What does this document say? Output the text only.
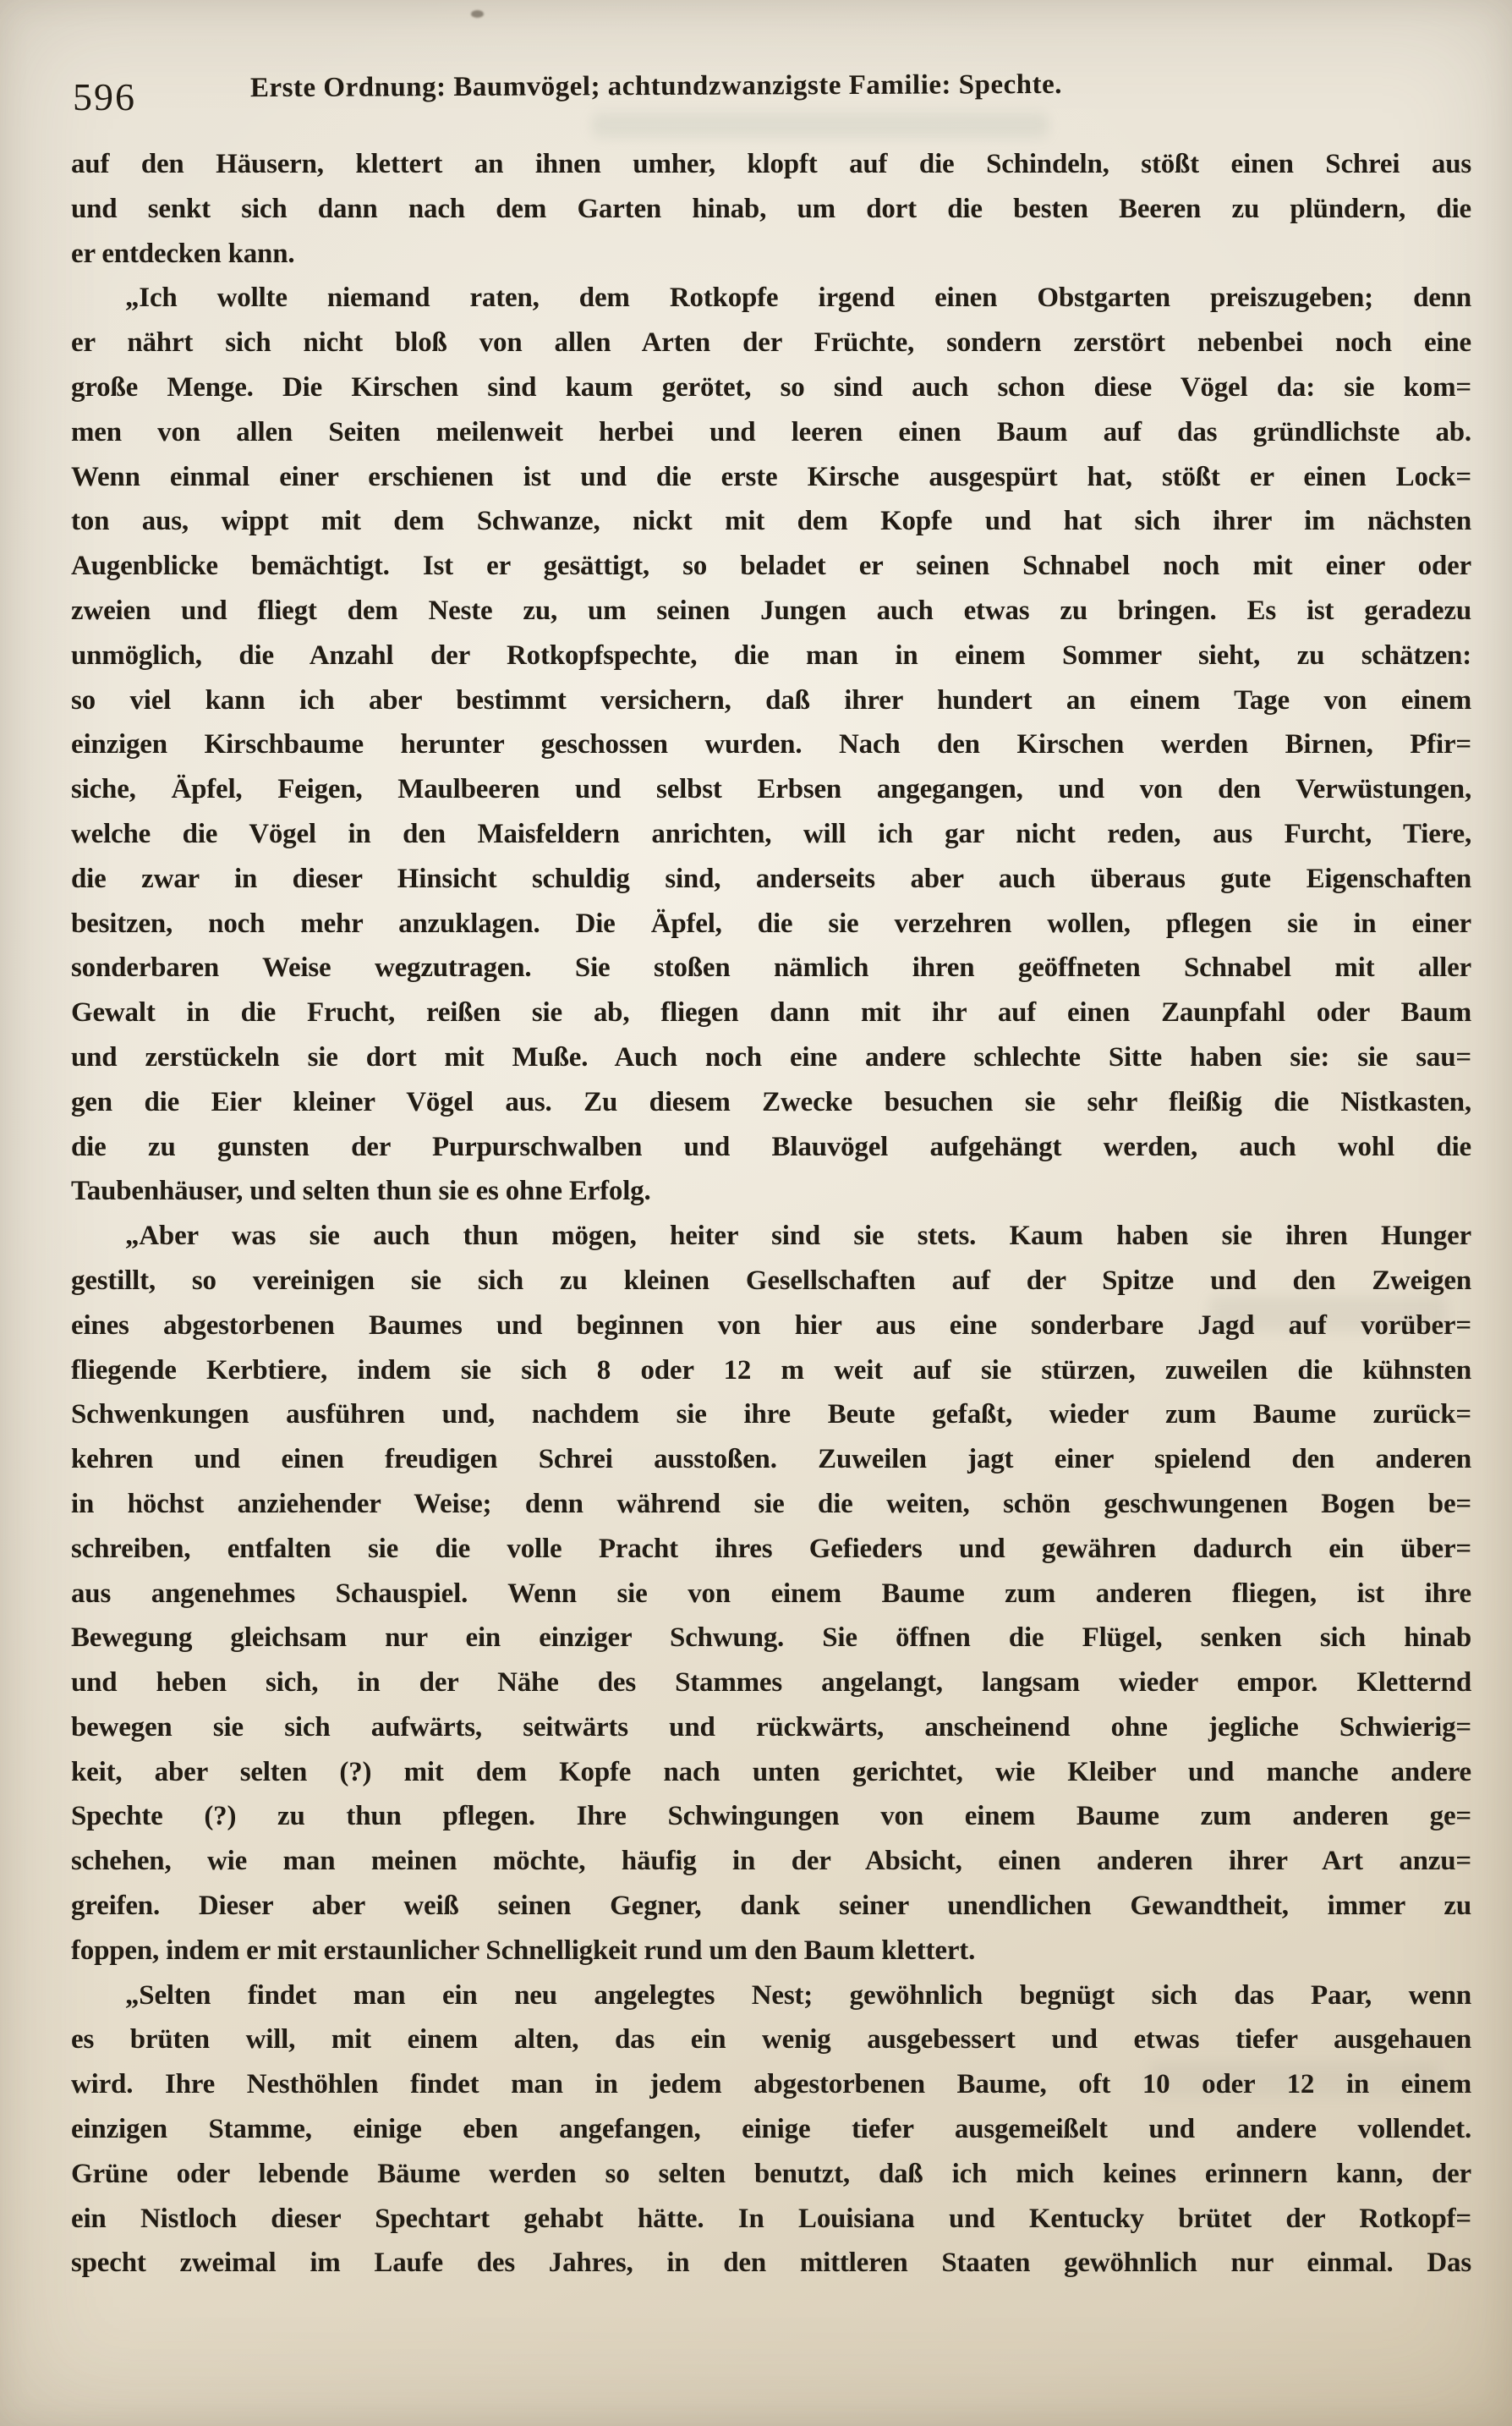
596	Erste Ordnung: Baumvögel; achtundzwanzigste Familie: Spechte.
auf den Häusern, klettert an ihnen umher, klopft auf die Schindeln, stößt einen Schrei aus
und senkt sich dann nach dem Garten hinab, um dort die besten Beeren zu plündern, die
er entdecken kann.
„Ich wollte niemand raten, dem Rotkopfe irgend einen Obstgarten preiszugeben; denn
er nährt sich nicht bloß von allen Arten der Früchte, sondern zerstört nebenbei noch eine
große Menge. Die Kirschen sind kaum gerötet, so sind auch schon diese Vögel da: sie kom=
men von allen Seiten meilenweit herbei und leeren einen Baum auf das gründlichste ab.
Wenn einmal einer erschienen ist und die erste Kirsche ausgespürt hat, stößt er einen Lock=
ton aus, wippt mit dem Schwanze, nickt mit dem Kopfe und hat sich ihrer im nächsten
Augenblicke bemächtigt. Ist er gesättigt, so beladet er seinen Schnabel noch mit einer oder
zweien und fliegt dem Neste zu, um seinen Jungen auch etwas zu bringen. Es ist geradezu
unmöglich, die Anzahl der Rotkopfspechte, die man in einem Sommer sieht, zu schätzen:
so viel kann ich aber bestimmt versichern, daß ihrer hundert an einem Tage von einem
einzigen Kirschbaume herunter geschossen wurden. Nach den Kirschen werden Birnen, Pfir=
siche, Äpfel, Feigen, Maulbeeren und selbst Erbsen angegangen, und von den Verwüstungen,
welche die Vögel in den Maisfeldern anrichten, will ich gar nicht reden, aus Furcht, Tiere,
die zwar in dieser Hinsicht schuldig sind, anderseits aber auch überaus gute Eigenschaften
besitzen, noch mehr anzuklagen. Die Äpfel, die sie verzehren wollen, pflegen sie in einer
sonderbaren Weise wegzutragen. Sie stoßen nämlich ihren geöffneten Schnabel mit aller
Gewalt in die Frucht, reißen sie ab, fliegen dann mit ihr auf einen Zaunpfahl oder Baum
und zerstückeln sie dort mit Muße. Auch noch eine andere schlechte Sitte haben sie: sie sau=
gen die Eier kleiner Vögel aus. Zu diesem Zwecke besuchen sie sehr fleißig die Nistkasten,
die zu gunsten der Purpurschwalben und Blauvögel aufgehängt werden, auch wohl die
Taubenhäuser, und selten thun sie es ohne Erfolg.
„Aber was sie auch thun mögen, heiter sind sie stets. Kaum haben sie ihren Hunger
gestillt, so vereinigen sie sich zu kleinen Gesellschaften auf der Spitze und den Zweigen
eines abgestorbenen Baumes und beginnen von hier aus eine sonderbare Jagd auf vorüber=
fliegende Kerbtiere, indem sie sich 8 oder 12 m weit auf sie stürzen, zuweilen die kühnsten
Schwenkungen ausführen und, nachdem sie ihre Beute gefaßt, wieder zum Baume zurück=
kehren und einen freudigen Schrei ausstoßen. Zuweilen jagt einer spielend den anderen
in höchst anziehender Weise; denn während sie die weiten, schön geschwungenen Bogen be=
schreiben, entfalten sie die volle Pracht ihres Gefieders und gewähren dadurch ein über=
aus angenehmes Schauspiel. Wenn sie von einem Baume zum anderen fliegen, ist ihre
Bewegung gleichsam nur ein einziger Schwung. Sie öffnen die Flügel, senken sich hinab
und heben sich, in der Nähe des Stammes angelangt, langsam wieder empor. Kletternd
bewegen sie sich aufwärts, seitwärts und rückwärts, anscheinend ohne jegliche Schwierig=
keit, aber selten (?) mit dem Kopfe nach unten gerichtet, wie Kleiber und manche andere
Spechte (?) zu thun pflegen. Ihre Schwingungen von einem Baume zum anderen ge=
schehen, wie man meinen möchte, häufig in der Absicht, einen anderen ihrer Art anzu=
greifen. Dieser aber weiß seinen Gegner, dank seiner unendlichen Gewandtheit, immer zu
foppen, indem er mit erstaunlicher Schnelligkeit rund um den Baum klettert.
„Selten findet man ein neu angelegtes Nest; gewöhnlich begnügt sich das Paar, wenn
es brüten will, mit einem alten, das ein wenig ausgebessert und etwas tiefer ausgehauen
wird. Ihre Nesthöhlen findet man in jedem abgestorbenen Baume, oft 10 oder 12 in einem
einzigen Stamme, einige eben angefangen, einige tiefer ausgemeißelt und andere vollendet.
Grüne oder lebende Bäume werden so selten benutzt, daß ich mich keines erinnern kann, der
ein Nistloch dieser Spechtart gehabt hätte. In Louisiana und Kentucky brütet der Rotkopf=
specht zweimal im Laufe des Jahres, in den mittleren Staaten gewöhnlich nur einmal. Das
